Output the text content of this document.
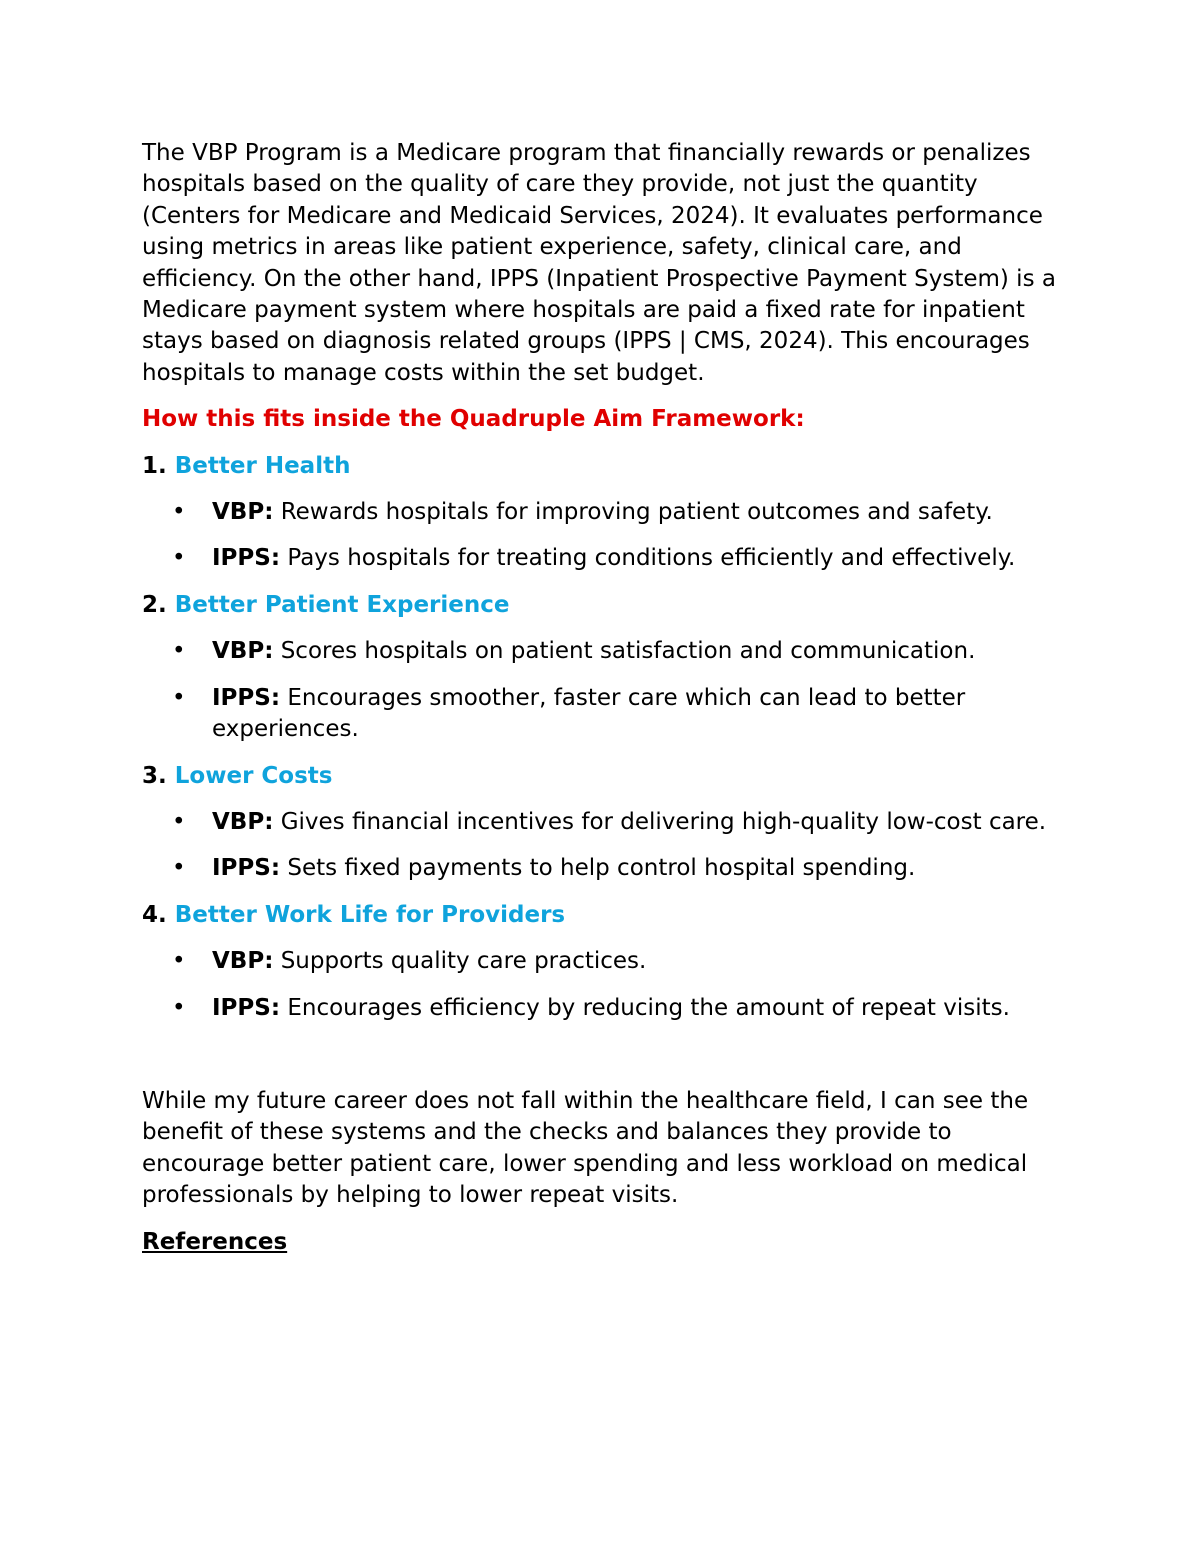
The VBP Program is a Medicare program that financially rewards or penalizes hospitals based on the quality of care they provide, not just the quantity (Centers for Medicare and Medicaid Services, 2024). It evaluates performance using metrics in areas like patient experience, safety, clinical care, and efficiency. On the other hand, IPPS (Inpatient Prospective Payment System) is a Medicare payment system where hospitals are paid a fixed rate for inpatient stays based on diagnosis related groups (IPPS | CMS, 2024). This encourages hospitals to manage costs within the set budget.

How this fits inside the Quadruple Aim Framework:

1. Better Health

• VBP: Rewards hospitals for improving patient outcomes and safety.
• IPPS: Pays hospitals for treating conditions efficiently and effectively.

2. Better Patient Experience

• VBP: Scores hospitals on patient satisfaction and communication.
• IPPS: Encourages smoother, faster care which can lead to better experiences.

3. Lower Costs

• VBP: Gives financial incentives for delivering high-quality low-cost care.
• IPPS: Sets fixed payments to help control hospital spending.

4. Better Work Life for Providers

• VBP: Supports quality care practices.
• IPPS: Encourages efficiency by reducing the amount of repeat visits.

While my future career does not fall within the healthcare field, I can see the benefit of these systems and the checks and balances they provide to encourage better patient care, lower spending and less workload on medical professionals by helping to lower repeat visits.

References
